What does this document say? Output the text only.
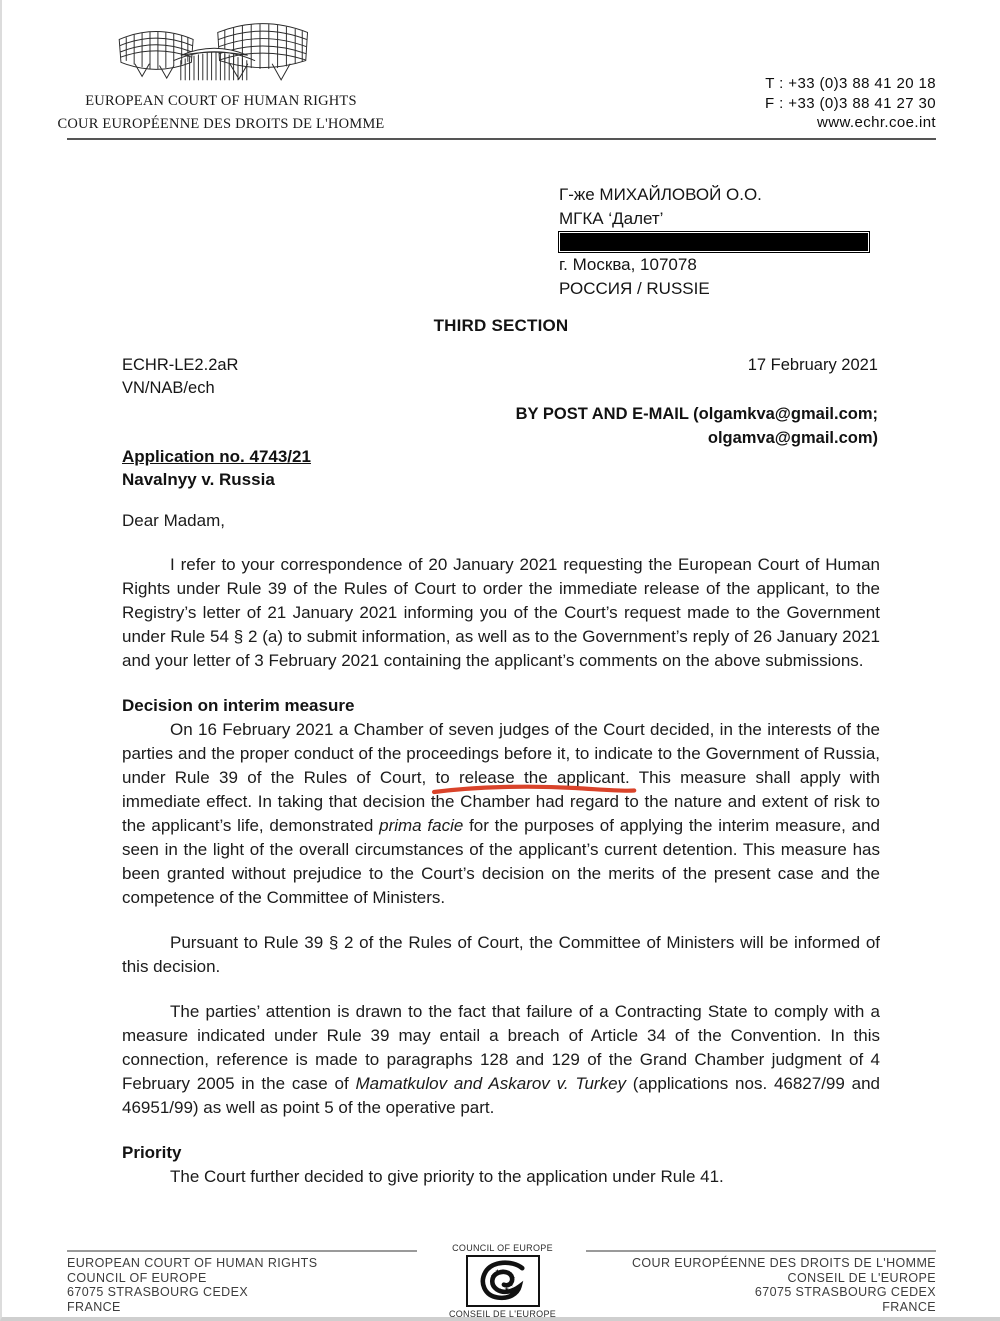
EUROPEAN COURT OF HUMAN RIGHTS
COUR EUROPÉENNE DES DROITS DE L'HOMME
T : +33 (0)3 88 41 20 18
F : +33 (0)3 88 41 27 30
www.echr.coe.int
Г-же МИХАЙЛОВОЙ О.О.
МГКА ‘Далет’
г. Москва, 107078
РОССИЯ / RUSSIE
THIRD SECTION
ECHR-LE2.2aR	17 February 2021
VN/NAB/ech
BY POST AND E-MAIL (olgamkva@gmail.com;
olgamva@gmail.com)
Application no. 4743/21
Navalnyy v. Russia

Dear Madam,

I refer to your correspondence of 20 January 2021 requesting the European Court of Human Rights under Rule 39 of the Rules of Court to order the immediate release of the applicant, to the Registry’s letter of 21 January 2021 informing you of the Court’s request made to the Government under Rule 54 § 2 (a) to submit information, as well as to the Government’s reply of 26 January 2021 and your letter of 3 February 2021 containing the applicant’s comments on the above submissions.

Decision on interim measure

On 16 February 2021 a Chamber of seven judges of the Court decided, in the interests of the parties and the proper conduct of the proceedings before it, to indicate to the Government of Russia, under Rule 39 of the Rules of Court, to release the applicant.
This measure shall apply with immediate effect. In taking that decision the Chamber had regard to the nature and extent of risk to the applicant’s life, demonstrated prima facie for the purposes of applying the interim measure, and seen in the light of the overall circumstances of the applicant’s current detention. This measure has been granted without prejudice to the Court’s decision on the merits of the present case and the competence of the Committee of Ministers.

Pursuant to Rule 39 § 2 of the Rules of Court, the Committee of Ministers will be informed of this decision.

The parties’ attention is drawn to the fact that failure of a Contracting State to comply with a measure indicated under Rule 39 may entail a breach of Article 34 of the Convention. In this connection, reference is made to paragraphs 128 and 129 of the Grand Chamber judgment of 4 February 2005 in the case of Mamatkulov and Askarov v. Turkey (applications nos. 46827/99 and 46951/99) as well as point 5 of the operative part.

Priority

The Court further decided to give priority to the application under Rule 41.

EUROPEAN COURT OF HUMAN RIGHTS
COUNCIL OF EUROPE
67075 STRASBOURG CEDEX
FRANCE
COUNCIL OF EUROPE
★ ★
★
★
★
★
★
★
★
★
CONSEIL DE L'EUROPE
COUR EUROPÉENNE DES DROITS DE L'HOMME
CONSEIL DE L'EUROPE
67075 STRASBOURG CEDEX
FRANCE
